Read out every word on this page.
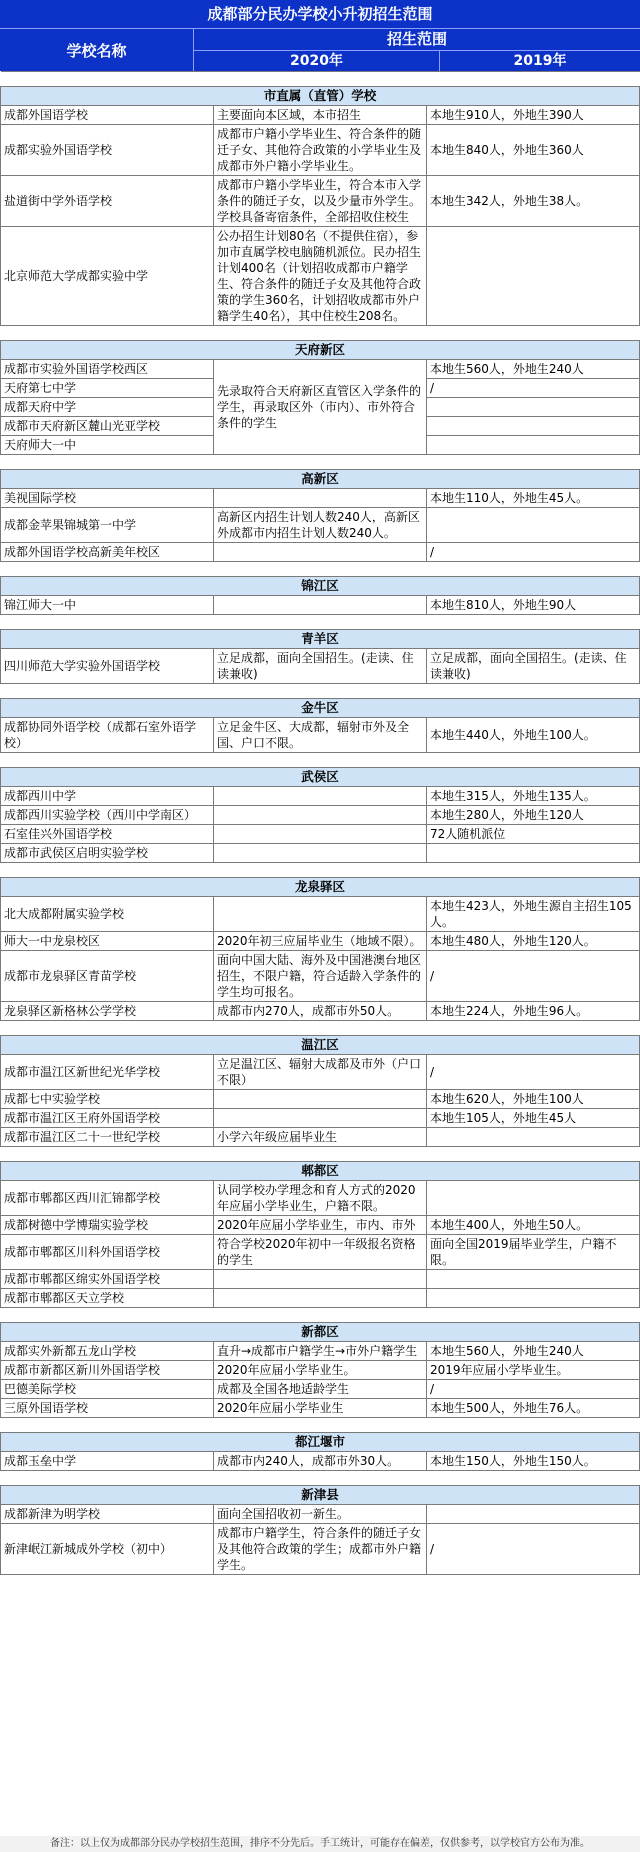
成都部分民办学校小升初招生范围
学校名称
招生范围
2020年	2019年

市直属（直管）学校		
成都外国语学校	主要面向本区域，本市招生	本地生910人，外地生390人
成都实验外国语学校	成都市户籍小学毕业生、符合条件的随迁子女、其他符合政策的小学毕业生及成都市外户籍小学毕业生。	本地生840人，外地生360人
盐道街中学外语学校	成都市户籍小学毕业生，符合本市入学条件的随迁子女，以及少量市外学生。学校具备寄宿条件，全部招收住校生	本地生342人，外地生38人。
北京师范大学成都实验中学	公办招生计划80名（不提供住宿），参加市直属学校电脑随机派位。民办招生计划400名（计划招收成都市户籍学生、符合条件的随迁子女及其他符合政策的学生360名，计划招收成都市外户籍学生40名），其中住校生208名。	

天府新区		
成都市实验外国语学校西区	先录取符合天府新区直管区入学条件的学生，再录取区外（市内）、市外符合条件的学生	本地生560人，外地生240人
天府第七中学		/
成都天府中学		
成都市天府新区麓山光亚学校		
天府师大一中		

高新区		
美视国际学校		本地生110人，外地生45人。
成都金苹果锦城第一中学	高新区内招生计划人数240人，高新区外成都市内招生计划人数240人。	
成都外国语学校高新美年校区		/

锦江区		
锦江师大一中		本地生810人，外地生90人

青羊区		
四川师范大学实验外国语学校	立足成都，面向全国招生。(走读、住读兼收)	立足成都，面向全国招生。(走读、住读兼收)

金牛区		
成都协同外语学校（成都石室外语学校）	立足金牛区、大成都，辐射市外及全国、户口不限。	本地生440人，外地生100人。

武侯区		
成都西川中学		本地生315人，外地生135人。
成都西川实验学校（西川中学南区）		本地生280人，外地生120人
石室佳兴外国语学校		72人随机派位
成都市武侯区启明实验学校		

龙泉驿区		
北大成都附属实验学校		本地生423人，外地生源自主招生105人。
师大一中龙泉校区	2020年初三应届毕业生（地域不限）。	本地生480人，外地生120人。
成都市龙泉驿区青苗学校	面向中国大陆、海外及中国港澳台地区招生，不限户籍，符合适龄入学条件的学生均可报名。	/
龙泉驿区新格林公学学校	成都市内270人，成都市外50人。	本地生224人，外地生96人。

温江区		
成都市温江区新世纪光华学校	立足温江区、辐射大成都及市外（户口不限）	/
成都七中实验学校		本地生620人，外地生100人
成都市温江区王府外国语学校		本地生105人，外地生45人
成都市温江区二十一世纪学校	小学六年级应届毕业生	

郫都区		
成都市郫都区西川汇锦都学校	认同学校办学理念和育人方式的2020年应届小学毕业生，户籍不限。	
成都树德中学博瑞实验学校	2020年应届小学毕业生，市内、市外	本地生400人，外地生50人。
成都市郫都区川科外国语学校	符合学校2020年初中一年级报名资格的学生	面向全国2019届毕业学生，户籍不限。
成都市郫都区绵实外国语学校		
成都市郫都区天立学校		

新都区		
成都实外新都五龙山学校	直升→成都市户籍学生→市外户籍学生	本地生560人，外地生240人
成都市新都区新川外国语学校	2020年应届小学毕业生。	2019年应届小学毕业生。
巴德美际学校	成都及全国各地适龄学生	/
三原外国语学校	2020年应届小学毕业生	本地生500人，外地生76人。

都江堰市		
成都玉垒中学	成都市内240人，成都市外30人。	本地生150人，外地生150人。

新津县		
成都新津为明学校	面向全国招收初一新生。	
新津岷江新城成外学校（初中）	成都市户籍学生，符合条件的随迁子女及其他符合政策的学生；成都市外户籍学生。	/
备注：以上仅为成都部分民办学校招生范围，排序不分先后。手工统计，可能存在偏差，仅供参考，以学校官方公布为准。
